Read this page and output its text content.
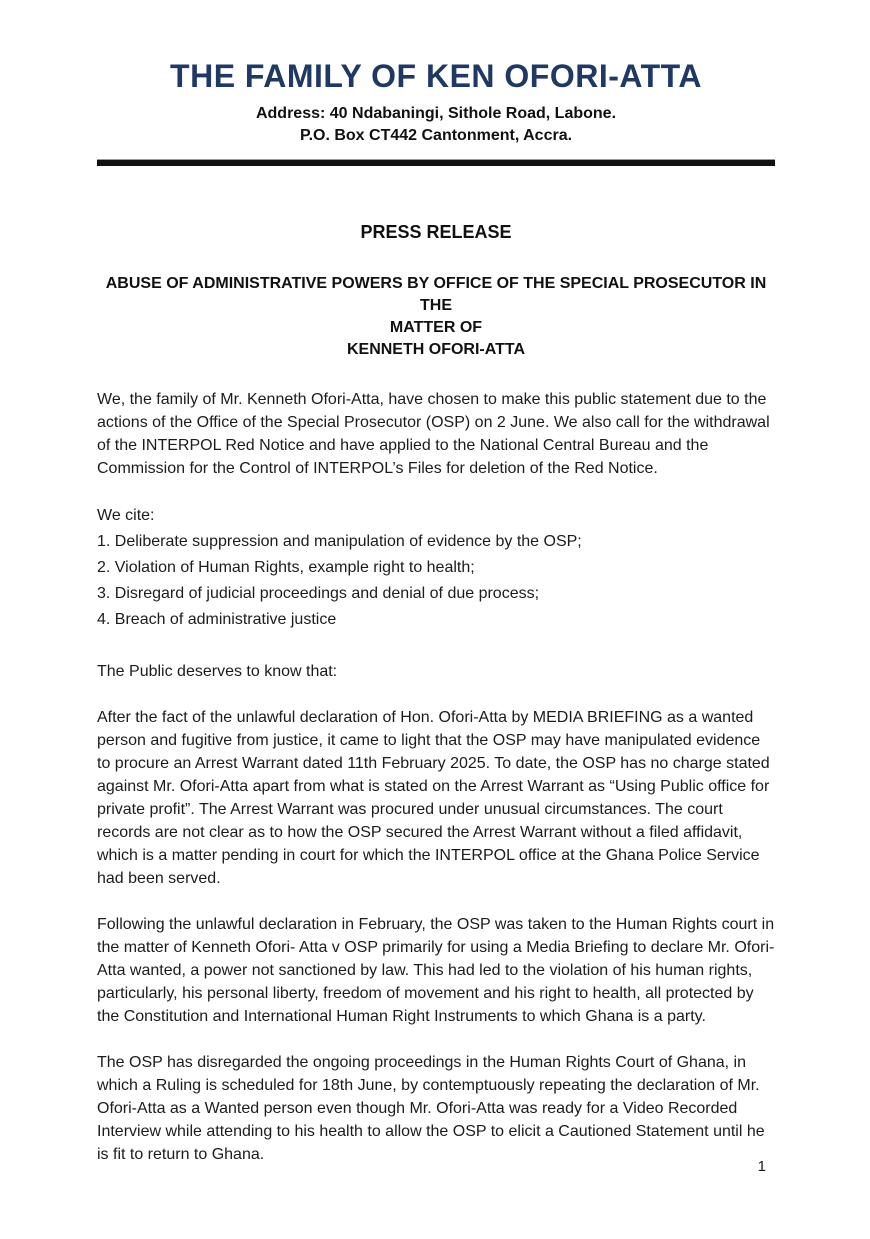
THE FAMILY OF KEN OFORI-ATTA
Address: 40 Ndabaningi, Sithole Road, Labone.
P.O. Box CT442 Cantonment, Accra.
PRESS RELEASE
ABUSE OF ADMINISTRATIVE POWERS BY OFFICE OF THE SPECIAL PROSECUTOR IN THE
MATTER OF
KENNETH OFORI-ATTA

We, the family of Mr. Kenneth Ofori-Atta, have chosen to make this public statement due to the actions of the Office of the Special Prosecutor (OSP) on 2 June. We also call for the withdrawal of the INTERPOL Red Notice and have applied to the National Central Bureau and the Commission for the Control of INTERPOL’s Files for deletion of the Red Notice.

We cite:
1. Deliberate suppression and manipulation of evidence by the OSP;
2. Violation of Human Rights, example right to health;
3. Disregard of judicial proceedings and denial of due process;
4. Breach of administrative justice

The Public deserves to know that:

After the fact of the unlawful declaration of Hon. Ofori-Atta by MEDIA BRIEFING as a wanted person and fugitive from justice, it came to light that the OSP may have manipulated evidence to procure an Arrest Warrant dated 11th February 2025. To date, the OSP has no charge stated against Mr. Ofori-Atta apart from what is stated on the Arrest Warrant as “Using Public office for private profit”. The Arrest Warrant was procured under unusual circumstances. The court records are not clear as to how the OSP secured the Arrest Warrant without a filed affidavit, which is a matter pending in court for which the INTERPOL office at the Ghana Police Service had been served.

Following the unlawful declaration in February, the OSP was taken to the Human Rights court in the matter of Kenneth Ofori- Atta v OSP primarily for using a Media Briefing to declare Mr. Ofori-Atta wanted, a power not sanctioned by law. This had led to the violation of his human rights, particularly, his personal liberty, freedom of movement and his right to health, all protected by the Constitution and International Human Right Instruments to which Ghana is a party.

The OSP has disregarded the ongoing proceedings in the Human Rights Court of Ghana, in which a Ruling is scheduled for 18th June, by contemptuously repeating the declaration of Mr. Ofori-Atta as a Wanted person even though Mr. Ofori-Atta was ready for a Video Recorded Interview while attending to his health to allow the OSP to elicit a Cautioned Statement until he is fit to return to Ghana.

1
